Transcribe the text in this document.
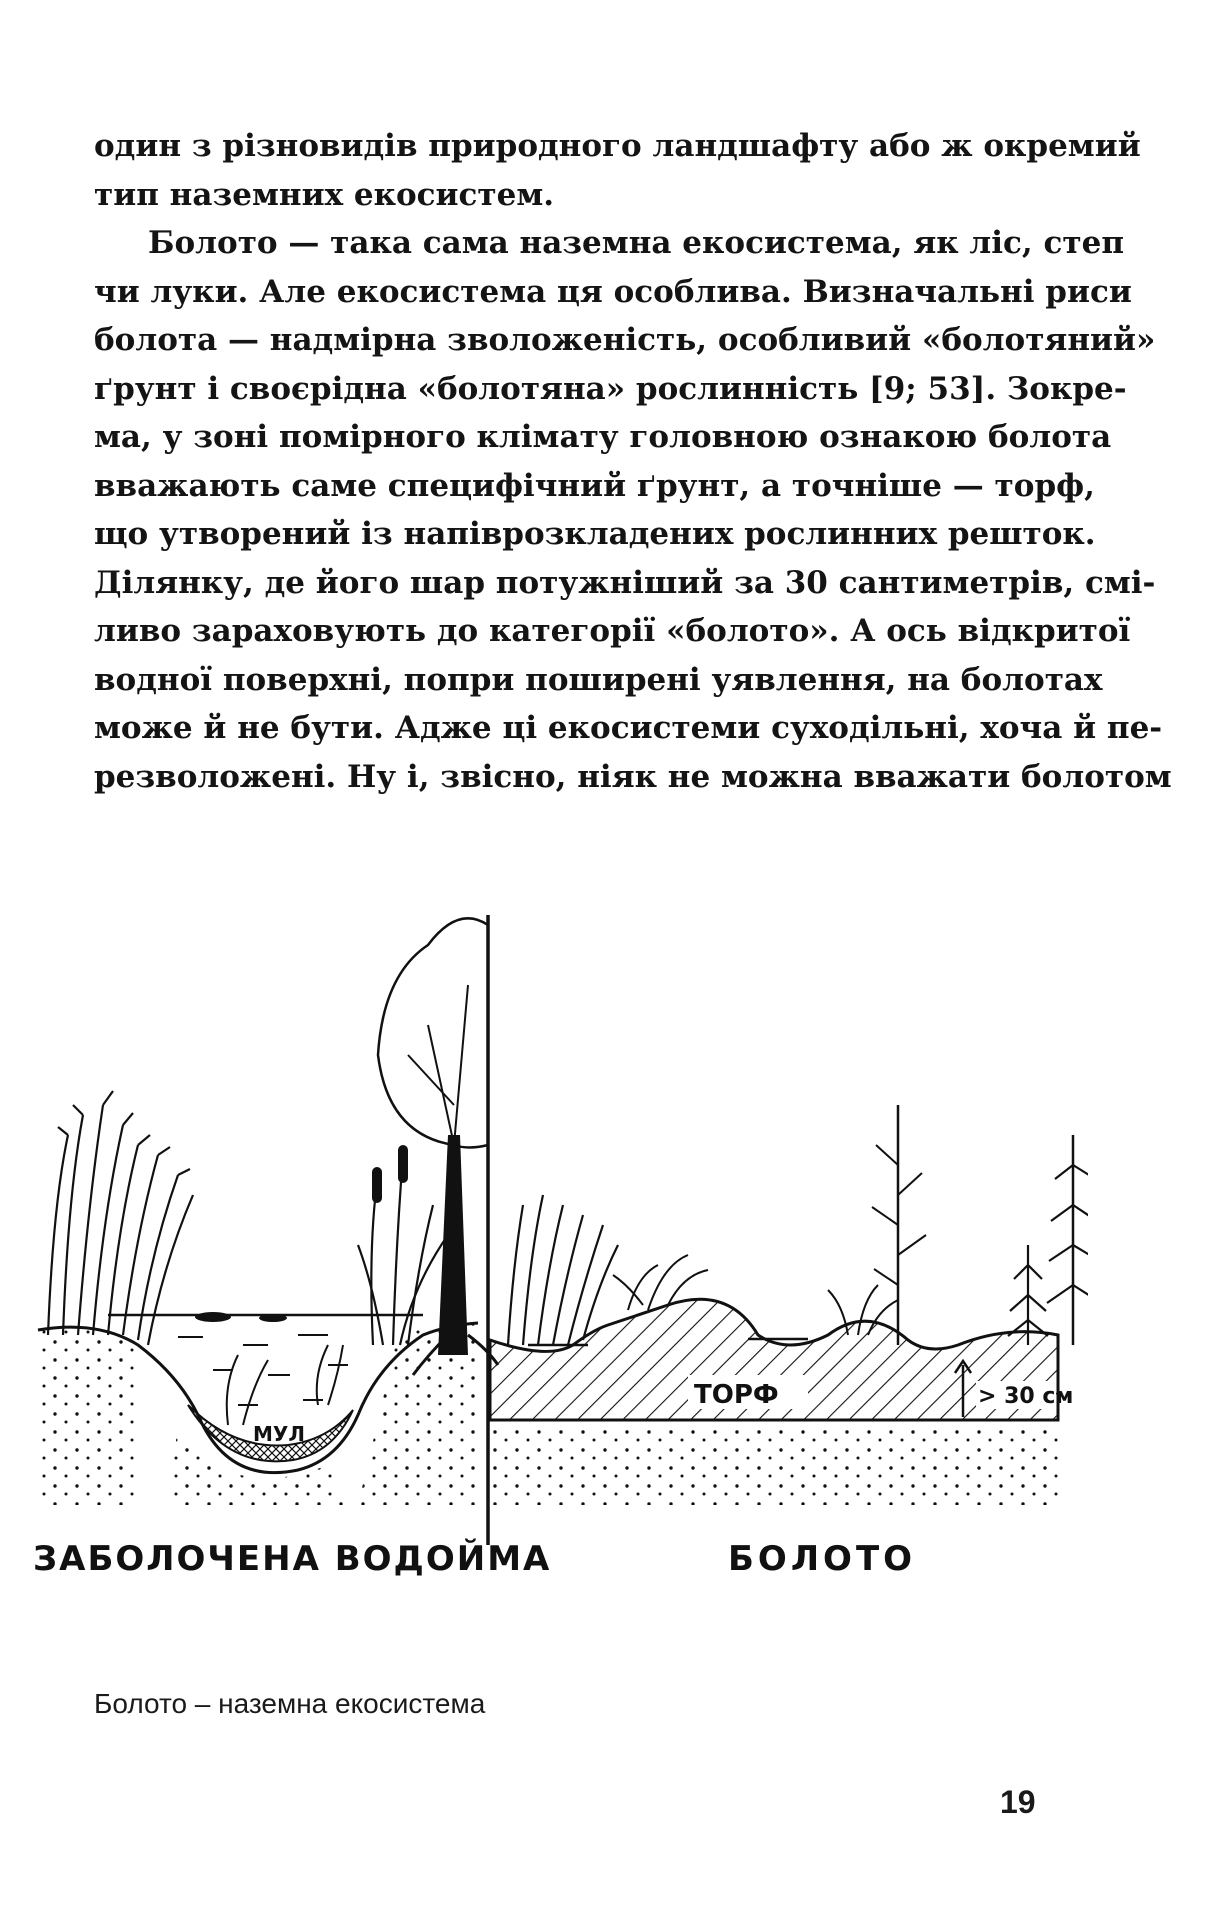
один з різновидів природного ландшафту або ж окремий
тип наземних екосистем.

Болото — така сама наземна екосистема, як ліс, степ
чи луки. Але екосистема ця особлива. Визначальні риси
болота — надмірна зволоженість, особливий «болотяний»
ґрунт і своєрідна «болотяна» рослинність [9; 53]. Зокре-
ма, у зоні помірного клімату головною ознакою болота
вважають саме специфічний ґрунт, а точніше — торф,
що утворений із напіврозкладених рослинних решток.
Ділянку, де його шар потужніший за 30 сантиметрів, смі-
ливо зараховують до категорії «болото». А ось відкритої
водної поверхні, попри поширені уявлення, на болотах
може й не бути. Адже ці екосистеми суходільні, хоча й пе-
резволожені. Ну і, звісно, ніяк не можна вважати болотом

МУЛ
ТОРФ	> 30 см
ЗАБОЛОЧЕНА ВОДОЙМА	БОЛОТО
Болото – наземна екосистема
19
